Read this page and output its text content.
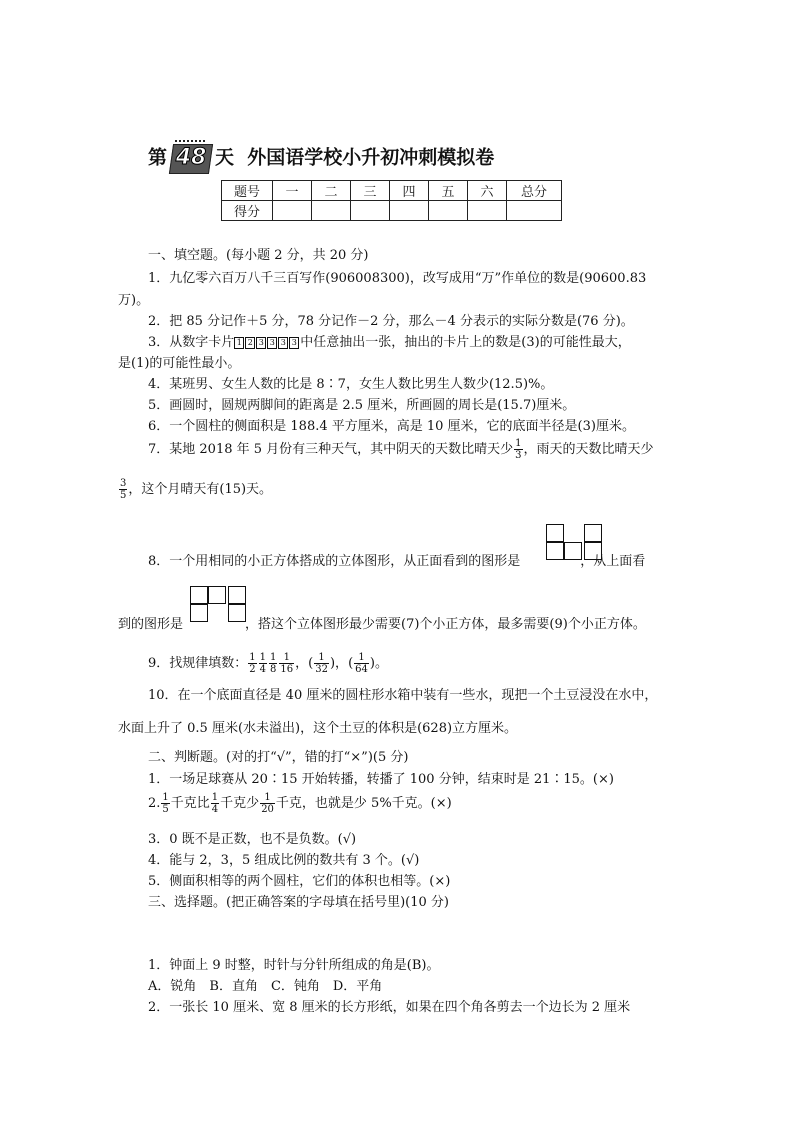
第 48 天 外国语学校小升初冲刺模拟卷
题号	一	二	三	四	五	六	总分
得分							
一、填空题。(每小题 2 分，共 20 分)
1．九亿零六百万八千三百写作(906008300)，改写成用“万”作单位的数是(90600.83
万)。
2．把 85 分记作＋5 分，78 分记作－2 分，那么－4 分表示的实际分数是(76 分)。
3．从数字卡片 1 2 3 3 3 3 中任意抽出一张，抽出的卡片上的数是(3)的可能性最大，
是(1)的可能性最小。
4．某班男、女生人数的比是 8∶7，女生人数比男生人数少(12.5)%。
5．画圆时，圆规两脚间的距离是 2.5 厘米，所画圆的周长是(15.7)厘米。
6．一个圆柱的侧面积是 188.4 平方厘米，高是 10 厘米，它的底面半径是(3)厘米。
7．某地 2018 年 5 月份有三种天气，其中阴天的天数比晴天少 $\frac{1}{3}$ ，雨天的天数比晴天少
$\frac{3}{5}$ ，这个月晴天有(15)天。
8．一个用相同的小正方体搭成的立体图形，从正面看到的图形是	，从上面看
到的图形是	，搭这个立体图形最少需要(7)个小正方体，最多需要(9)个小正方体。
9．找规律填数： $\frac{1}{2} \frac{1}{4} \frac{1}{8} \frac{1}{16}$ ，( $\frac{1}{32}$ )，( $\frac{1}{64}$ )。
10．在一个底面直径是 40 厘米的圆柱形水箱中装有一些水，现把一个土豆浸没在水中，
水面上升了 0.5 厘米(水未溢出)，这个土豆的体积是(628)立方厘米。
二、判断题。(对的打“√”，错的打“×”)(5 分)
1．一场足球赛从 20∶15 开始转播，转播了 100 分钟，结束时是 21∶15。(×)
2. $\frac{1}{5}$ 千克比 $\frac{1}{4}$ 千克少 $\frac{1}{20}$ 千克，也就是少 5%千克。(×)
3．0 既不是正数，也不是负数。(√)
4．能与 2，3，5 组成比例的数共有 3 个。(√)
5．侧面积相等的两个圆柱，它们的体积也相等。(×)
三、选择题。(把正确答案的字母填在括号里)(10 分)
1．钟面上 9 时整，时针与分针所组成的角是(B)。
A．锐角　B．直角　C．钝角　D．平角
2．一张长 10 厘米、宽 8 厘米的长方形纸，如果在四个角各剪去一个边长为 2 厘米
